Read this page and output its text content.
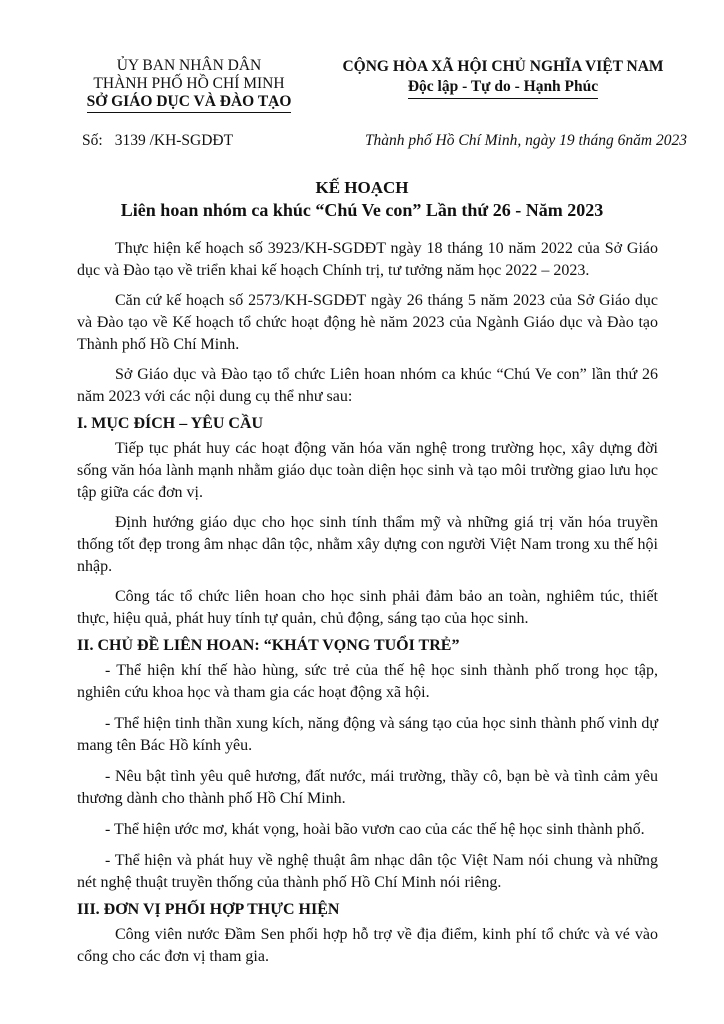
ỦY BAN NHÂN DÂN
THÀNH PHỐ HỒ CHÍ MINH
SỞ GIÁO DỤC VÀ ĐÀO TẠO
Số: 3139 /KH-SGDĐT
CỘNG HÒA XÃ HỘI CHỦ NGHĨA VIỆT NAM
Độc lập - Tự do - Hạnh Phúc
Thành phố Hồ Chí Minh, ngày 19 tháng 6năm 2023
KẾ HOẠCH
Liên hoan nhóm ca khúc “Chú Ve con” Lần thứ 26 - Năm 2023

Thực hiện kế hoạch số 3923/KH-SGDĐT ngày 18 tháng 10 năm 2022 của Sở Giáo dục và Đào tạo về triển khai kế hoạch Chính trị, tư tưởng năm học 2022 – 2023.

Căn cứ kế hoạch số 2573/KH-SGDĐT ngày 26 tháng 5 năm 2023 của Sở Giáo dục và Đào tạo về Kế hoạch tổ chức hoạt động hè năm 2023 của Ngành Giáo dục và Đào tạo Thành phố Hồ Chí Minh.

Sở Giáo dục và Đào tạo tổ chức Liên hoan nhóm ca khúc “Chú Ve con” lần thứ 26 năm 2023 với các nội dung cụ thể như sau:

I. MỤC ĐÍCH – YÊU CẦU

Tiếp tục phát huy các hoạt động văn hóa văn nghệ trong trường học, xây dựng đời sống văn hóa lành mạnh nhằm giáo dục toàn diện học sinh và tạo môi trường giao lưu học tập giữa các đơn vị.

Định hướng giáo dục cho học sinh tính thẩm mỹ và những giá trị văn hóa truyền thống tốt đẹp trong âm nhạc dân tộc, nhằm xây dựng con người Việt Nam trong xu thế hội nhập.

Công tác tổ chức liên hoan cho học sinh phải đảm bảo an toàn, nghiêm túc, thiết thực, hiệu quả, phát huy tính tự quản, chủ động, sáng tạo của học sinh.

II. CHỦ ĐỀ LIÊN HOAN: “KHÁT VỌNG TUỔI TRẺ”

- Thể hiện khí thế hào hùng, sức trẻ của thế hệ học sinh thành phố trong học tập, nghiên cứu khoa học và tham gia các hoạt động xã hội.

- Thể hiện tinh thần xung kích, năng động và sáng tạo của học sinh thành phố vinh dự mang tên Bác Hồ kính yêu.

- Nêu bật tình yêu quê hương, đất nước, mái trường, thầy cô, bạn bè và tình cảm yêu thương dành cho thành phố Hồ Chí Minh.

- Thể hiện ước mơ, khát vọng, hoài bão vươn cao của các thế hệ học sinh thành phố.

- Thể hiện và phát huy về nghệ thuật âm nhạc dân tộc Việt Nam nói chung và những nét nghệ thuật truyền thống của thành phố Hồ Chí Minh nói riêng.

III. ĐƠN VỊ PHỐI HỢP THỰC HIỆN

Công viên nước Đầm Sen phối hợp hỗ trợ về địa điểm, kinh phí tổ chức và vé vào cổng cho các đơn vị tham gia.
